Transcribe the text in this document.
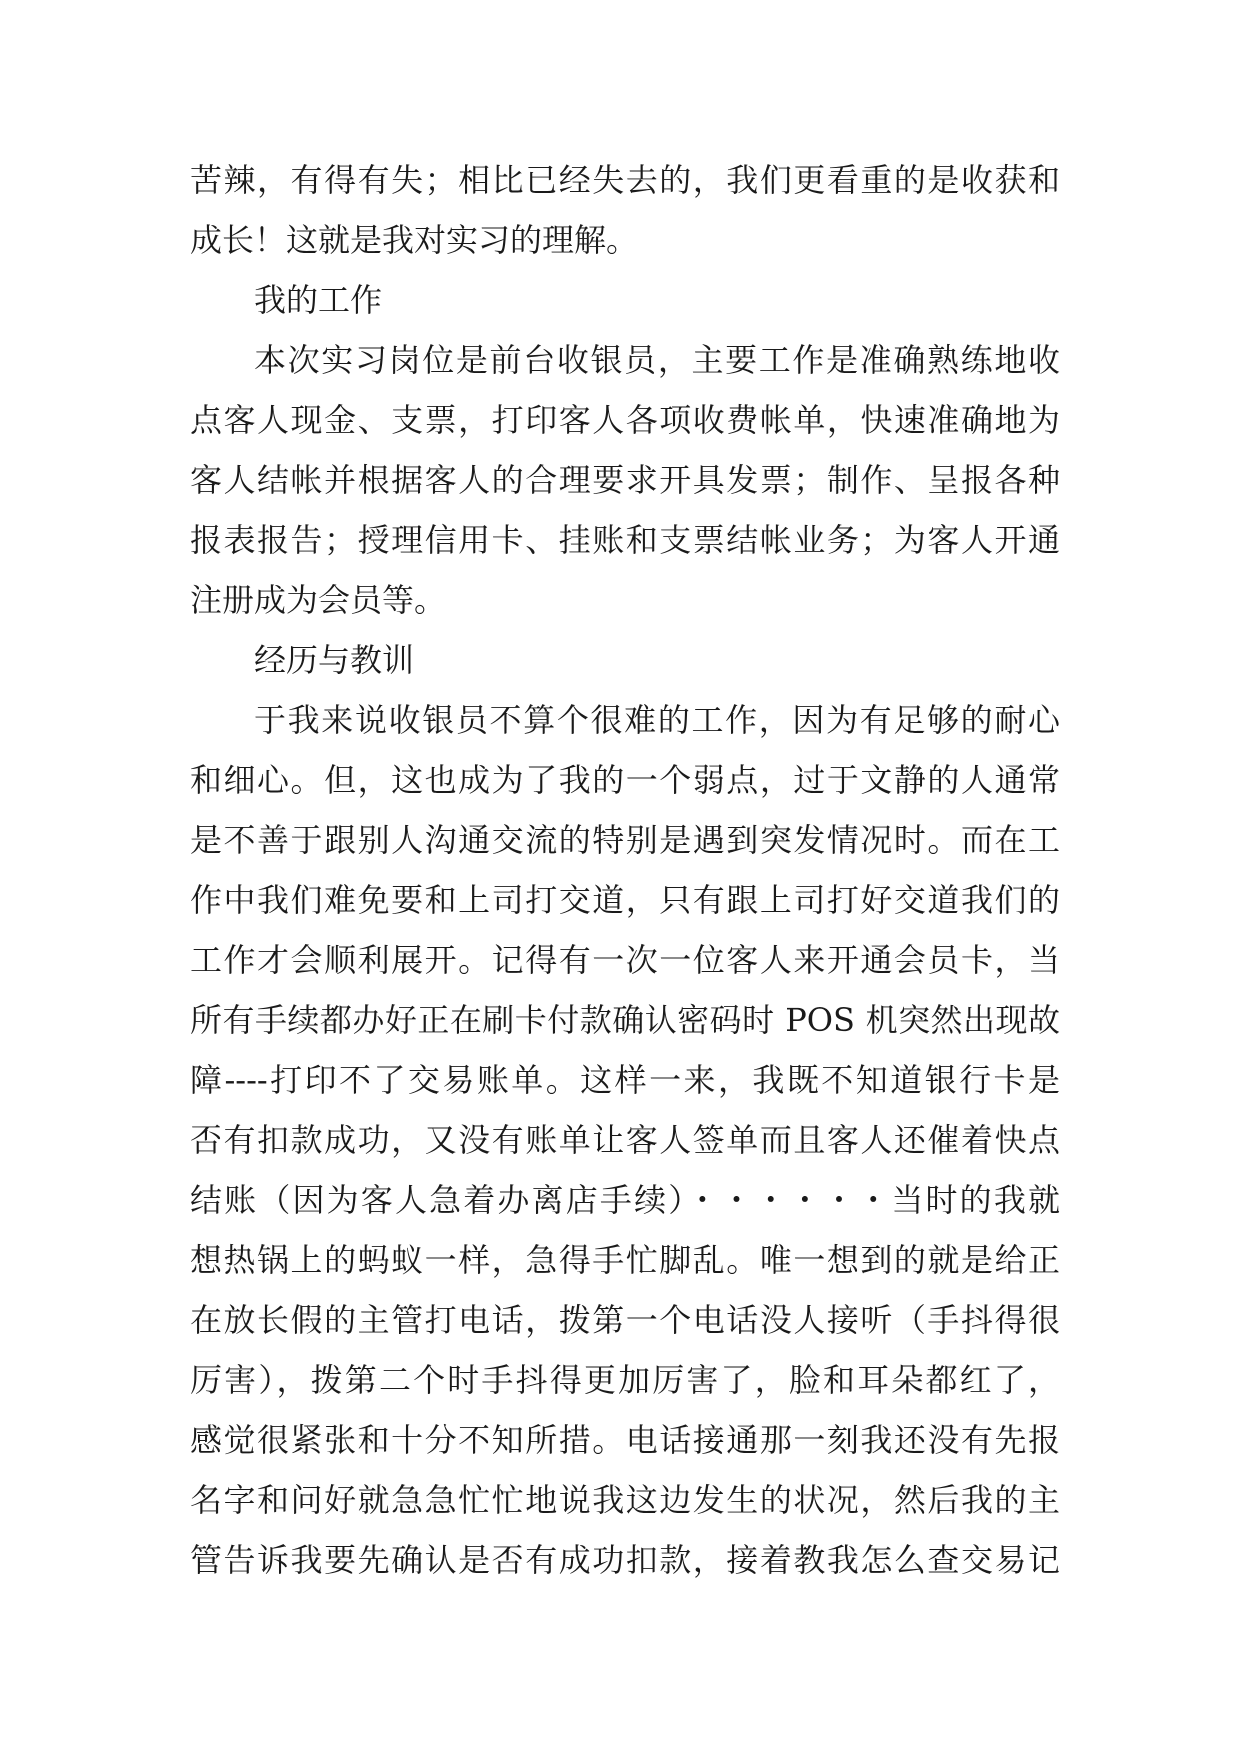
苦辣，有得有失；相比已经失去的，我们更看重的是收获和
成长！这就是我对实习的理解。
我的工作
本次实习岗位是前台收银员，主要工作是准确熟练地收
点客人现金、支票，打印客人各项收费帐单，快速准确地为
客人结帐并根据客人的合理要求开具发票；制作、呈报各种
报表报告；授理信用卡、挂账和支票结帐业务；为客人开通
注册成为会员等。
经历与教训
于我来说收银员不算个很难的工作，因为有足够的耐心
和细心。但，这也成为了我的一个弱点，过于文静的人通常
是不善于跟别人沟通交流的特别是遇到突发情况时。而在工
作中我们难免要和上司打交道，只有跟上司打好交道我们的
工作才会顺利展开。记得有一次一位客人来开通会员卡，当
所有手续都办好正在刷卡付款确认密码时 POS 机突然出现故
障----打印不了交易账单。这样一来，我既不知道银行卡是
否有扣款成功，又没有账单让客人签单而且客人还催着快点
结账（因为客人急着办离店手续）・・・・・・当时的我就
想热锅上的蚂蚁一样，急得手忙脚乱。唯一想到的就是给正
在放长假的主管打电话，拨第一个电话没人接听（手抖得很
厉害），拨第二个时手抖得更加厉害了，脸和耳朵都红了，
感觉很紧张和十分不知所措。电话接通那一刻我还没有先报
名字和问好就急急忙忙地说我这边发生的状况，然后我的主
管告诉我要先确认是否有成功扣款，接着教我怎么查交易记
